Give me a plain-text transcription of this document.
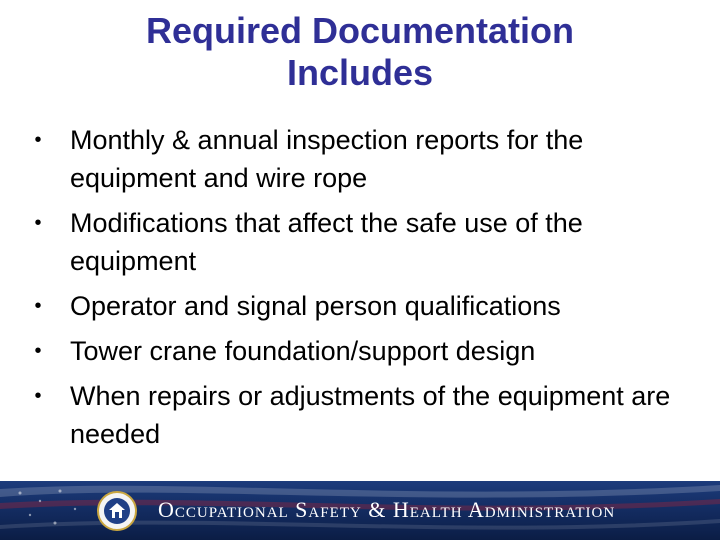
Required Documentation
Includes
• Monthly & annual inspection reports for the equipment and wire rope
• Modifications that affect the safe use of the equipment
• Operator and signal person qualifications
• Tower crane foundation/support design
• When repairs or adjustments of the equipment are needed
Occupational Safety & Health Administration
